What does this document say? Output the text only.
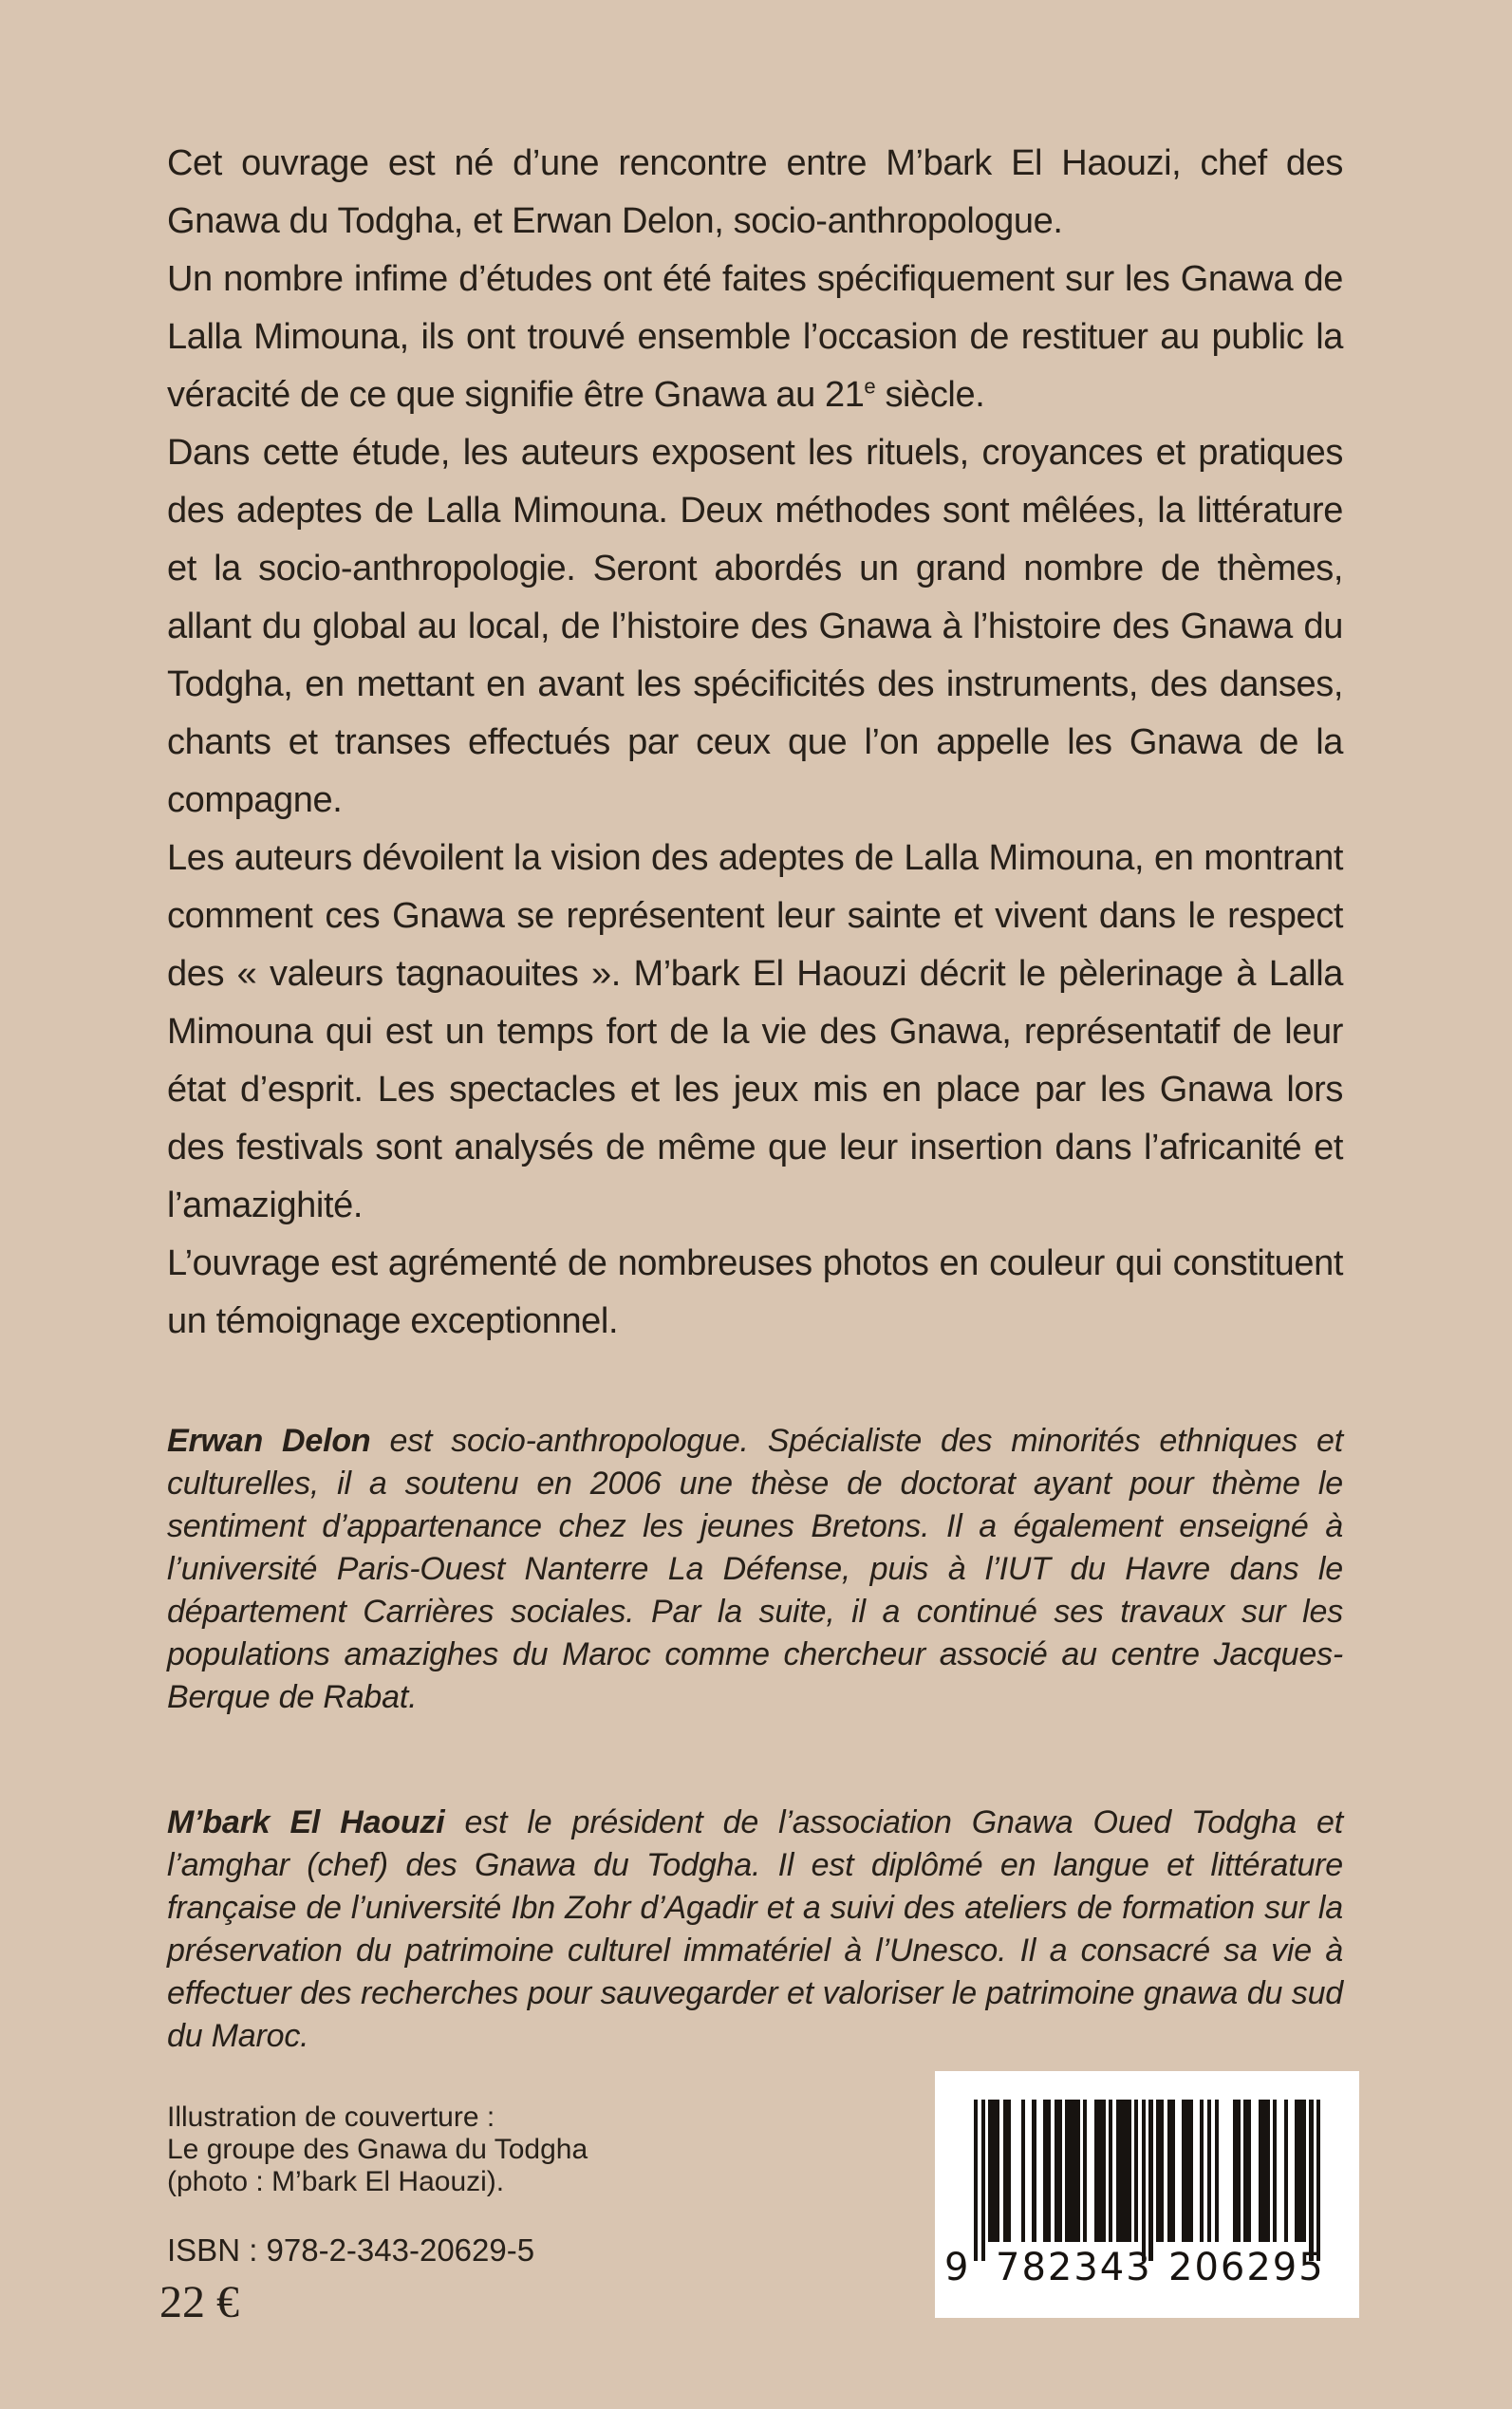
Cet ouvrage est né d’une rencontre entre M’bark El Haouzi, chef des Gnawa du Todgha, et Erwan Delon, socio-anthropologue.

Un nombre infime d’études ont été faites spécifiquement sur les Gnawa de Lalla Mimouna, ils ont trouvé ensemble l’occasion de restituer au public la véracité de ce que signifie être Gnawa au 21e siècle.

Dans cette étude, les auteurs exposent les rituels, croyances et pratiques des adeptes de Lalla Mimouna. Deux méthodes sont mêlées, la littérature et la socio-anthropologie. Seront abordés un grand nombre de thèmes, allant du global au local, de l’histoire des Gnawa à l’histoire des Gnawa du Todgha, en mettant en avant les spécificités des instruments, des danses, chants et transes effectués par ceux que l’on appelle les Gnawa de la compagne.

Les auteurs dévoilent la vision des adeptes de Lalla Mimouna, en montrant comment ces Gnawa se représentent leur sainte et vivent dans le respect des « valeurs tagnaouites ». M’bark El Haouzi décrit le pèlerinage à Lalla Mimouna qui est un temps fort de la vie des Gnawa, représentatif de leur état d’esprit. Les spectacles et les jeux mis en place par les Gnawa lors des festivals sont analysés de même que leur insertion dans l’africanité et l’amazighité.

L’ouvrage est agrémenté de nombreuses photos en couleur qui constituent un témoignage exceptionnel.

Erwan Delon est socio-anthropologue. Spécialiste des minorités ethniques et culturelles, il a soutenu en 2006 une thèse de doctorat ayant pour thème le sentiment d’appartenance chez les jeunes Bretons. Il a également enseigné à l’université Paris-Ouest Nanterre La Défense, puis à l’IUT du Havre dans le département Carrières sociales. Par la suite, il a continué ses travaux sur les populations amazighes du Maroc comme chercheur associé au centre Jacques-Berque de Rabat.
M’bark El Haouzi est le président de l’association Gnawa Oued Todgha et l’amghar (chef) des Gnawa du Todgha. Il est diplômé en langue et littérature française de l’université Ibn Zohr d’Agadir et a suivi des ateliers de formation sur la préservation du patrimoine culturel immatériel à l’Unesco. Il a consacré sa vie à effectuer des recherches pour sauvegarder et valoriser le patrimoine gnawa du sud du Maroc.
Illustration de couverture :
Le groupe des Gnawa du Todgha
(photo : M’bark El Haouzi).
ISBN : 978-2-343-20629-5
22 €
9 782343 206295
